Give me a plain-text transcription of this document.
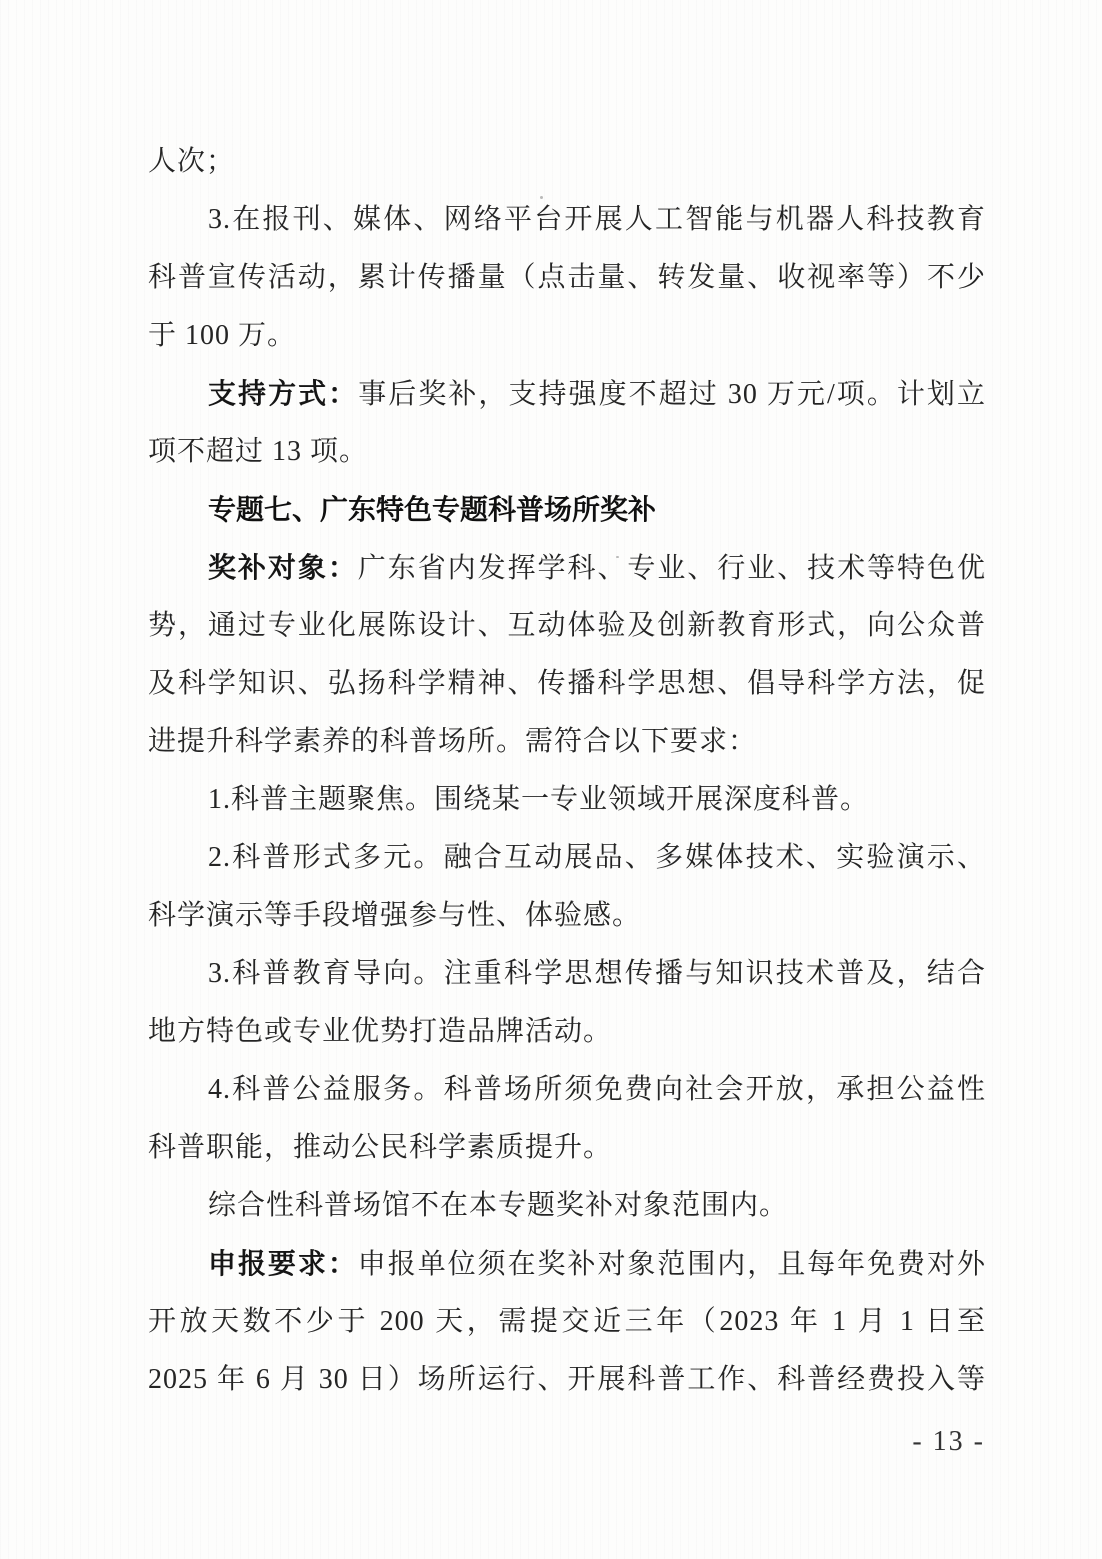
人次；
3.在报刊、媒体、网络平台开展人工智能与机器人科技教育
科普宣传活动，累计传播量（点击量、转发量、收视率等）不少
于 100 万。
支持方式：事后奖补，支持强度不超过 30 万元/项。计划立
项不超过 13 项。
专题七、广东特色专题科普场所奖补
奖补对象：广东省内发挥学科、专业、行业、技术等特色优
势，通过专业化展陈设计、互动体验及创新教育形式，向公众普
及科学知识、弘扬科学精神、传播科学思想、倡导科学方法，促
进提升科学素养的科普场所。需符合以下要求：
1.科普主题聚焦。围绕某一专业领域开展深度科普。
2.科普形式多元。融合互动展品、多媒体技术、实验演示、
科学演示等手段增强参与性、体验感。
3.科普教育导向。注重科学思想传播与知识技术普及，结合
地方特色或专业优势打造品牌活动。
4.科普公益服务。科普场所须免费向社会开放，承担公益性
科普职能，推动公民科学素质提升。
综合性科普场馆不在本专题奖补对象范围内。
申报要求：申报单位须在奖补对象范围内，且每年免费对外
开放天数不少于 200 天，需提交近三年（2023 年 1 月 1 日至
2025 年 6 月 30 日）场所运行、开展科普工作、科普经费投入等
- 13 -
